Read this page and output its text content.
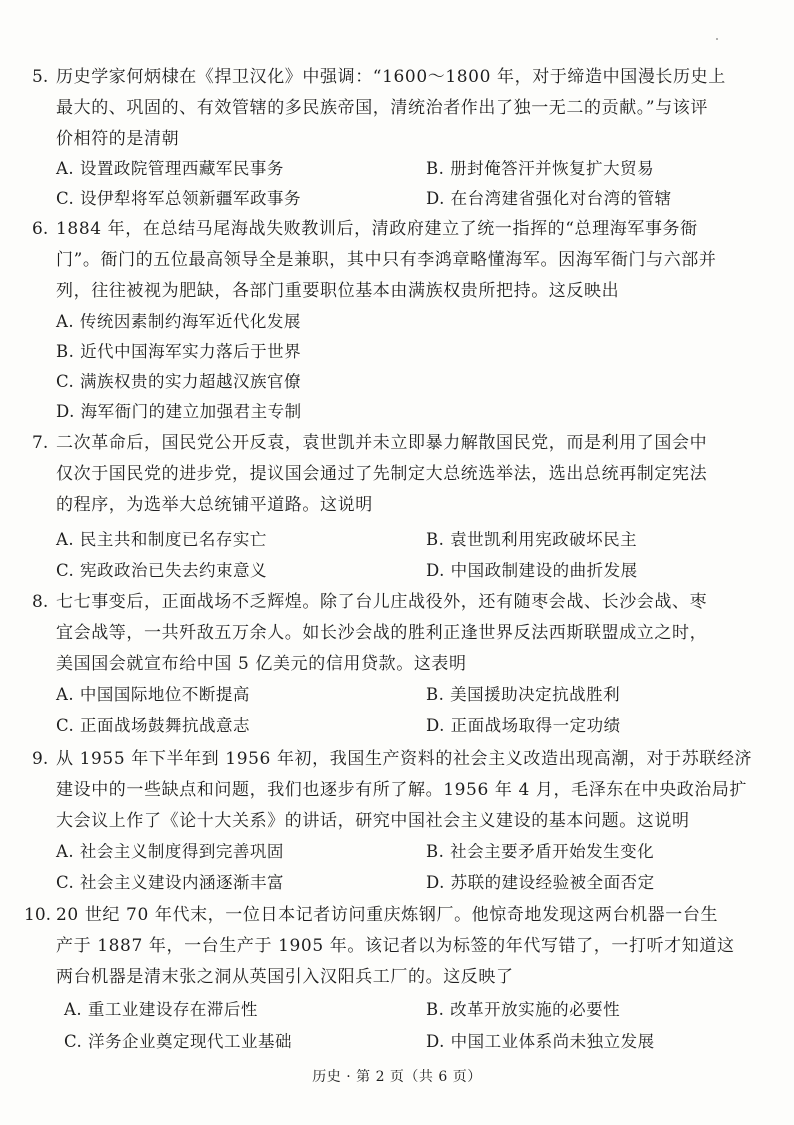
5. 历史学家何炳棣在《捍卫汉化》中强调：“1600～1800 年，对于缔造中国漫长历史上
最大的、巩固的、有效管辖的多民族帝国，清统治者作出了独一无二的贡献。”与该评
价相符的是清朝
A. 设置政院管理西藏军民事务	B. 册封俺答汗并恢复扩大贸易
C. 设伊犁将军总领新疆军政事务	D. 在台湾建省强化对台湾的管辖
6. 1884 年，在总结马尾海战失败教训后，清政府建立了统一指挥的“总理海军事务衙
门”。衙门的五位最高领导全是兼职，其中只有李鸿章略懂海军。因海军衙门与六部并
列，往往被视为肥缺，各部门重要职位基本由满族权贵所把持。这反映出
A. 传统因素制约海军近代化发展
B. 近代中国海军实力落后于世界
C. 满族权贵的实力超越汉族官僚
D. 海军衙门的建立加强君主专制
7. 二次革命后，国民党公开反袁，袁世凯并未立即暴力解散国民党，而是利用了国会中
仅次于国民党的进步党，提议国会通过了先制定大总统选举法，选出总统再制定宪法
的程序，为选举大总统铺平道路。这说明
A. 民主共和制度已名存实亡	B. 袁世凯利用宪政破坏民主
C. 宪政政治已失去约束意义	D. 中国政制建设的曲折发展
8. 七七事变后，正面战场不乏辉煌。除了台儿庄战役外，还有随枣会战、长沙会战、枣
宜会战等，一共歼敌五万余人。如长沙会战的胜利正逢世界反法西斯联盟成立之时，
美国国会就宣布给中国 5 亿美元的信用贷款。这表明
A. 中国国际地位不断提高	B. 美国援助决定抗战胜利
C. 正面战场鼓舞抗战意志	D. 正面战场取得一定功绩
9. 从 1955 年下半年到 1956 年初，我国生产资料的社会主义改造出现高潮，对于苏联经济
建设中的一些缺点和问题，我们也逐步有所了解。1956 年 4 月，毛泽东在中央政治局扩
大会议上作了《论十大关系》的讲话，研究中国社会主义建设的基本问题。这说明
A. 社会主义制度得到完善巩固	B. 社会主要矛盾开始发生变化
C. 社会主义建设内涵逐渐丰富	D. 苏联的建设经验被全面否定
10. 20 世纪 70 年代末，一位日本记者访问重庆炼钢厂。他惊奇地发现这两台机器一台生
产于 1887 年，一台生产于 1905 年。该记者以为标签的年代写错了，一打听才知道这
两台机器是清末张之洞从英国引入汉阳兵工厂的。这反映了
A. 重工业建设存在滞后性	B. 改革开放实施的必要性
C. 洋务企业奠定现代工业基础	D. 中国工业体系尚未独立发展
历史 · 第 2 页（共 6 页）
